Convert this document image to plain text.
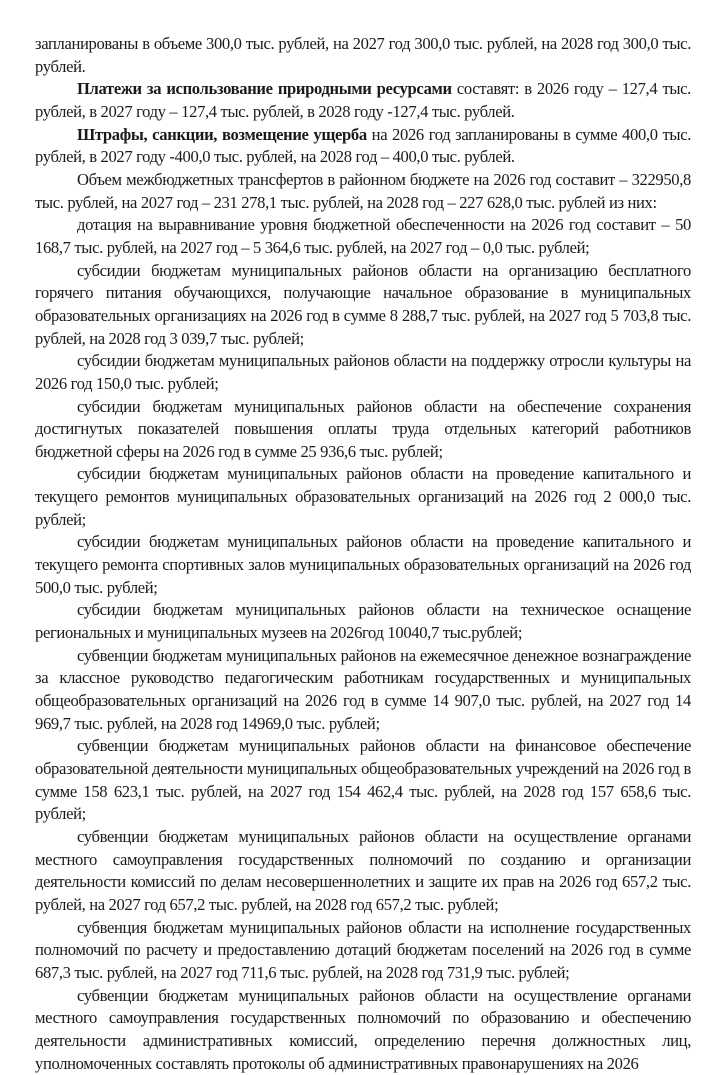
запланированы в объеме 300,0 тыс. рублей, на 2027 год 300,0 тыс. рублей, на 2028 год 300,0 тыс. рублей.

Платежи за использование природными ресурсами составят: в 2026 году – 127,4 тыс. рублей, в 2027 году – 127,4 тыс. рублей, в 2028 году -127,4 тыс. рублей.

Штрафы, санкции, возмещение ущерба на 2026 год запланированы в сумме 400,0 тыс. рублей, в 2027 году -400,0 тыс. рублей, на 2028 год – 400,0 тыс. рублей.

Объем межбюджетных трансфертов в районном бюджете на 2026 год составит – 322950,8 тыс. рублей, на 2027 год – 231 278,1 тыс. рублей, на 2028 год – 227 628,0 тыс. рублей из них:

дотация на выравнивание уровня бюджетной обеспеченности на 2026 год составит – 50 168,7 тыс. рублей, на 2027 год – 5 364,6 тыс. рублей, на 2027 год – 0,0 тыс. рублей;

субсидии бюджетам муниципальных районов области на организацию бесплатного горячего питания обучающихся, получающие начальное образование в муниципальных образовательных организациях на 2026 год в сумме 8 288,7 тыс. рублей, на 2027 год 5 703,8 тыс. рублей, на 2028 год 3 039,7 тыс. рублей;

субсидии бюджетам муниципальных районов области на поддержку отросли культуры на 2026 год 150,0 тыс. рублей;

субсидии бюджетам муниципальных районов области на обеспечение сохранения достигнутых показателей повышения оплаты труда отдельных категорий работников бюджетной сферы на 2026 год в сумме 25 936,6 тыс. рублей;

субсидии бюджетам муниципальных районов области на проведение капитального и текущего ремонтов муниципальных образовательных организаций на 2026 год 2 000,0 тыс. рублей;

субсидии бюджетам муниципальных районов области на проведение капитального и текущего ремонта спортивных залов муниципальных образовательных организаций на 2026 год 500,0 тыс. рублей;

субсидии бюджетам муниципальных районов области на техническое оснащение региональных и муниципальных музеев на 2026год 10040,7 тыс.рублей;

субвенции бюджетам муниципальных районов на ежемесячное денежное вознаграждение за классное руководство педагогическим работникам государственных и муниципальных общеобразовательных организаций на 2026 год в сумме 14 907,0 тыс. рублей, на 2027 год 14 969,7 тыс. рублей, на 2028 год 14969,0 тыс. рублей;

субвенции бюджетам муниципальных районов области на финансовое обеспечение образовательной деятельности муниципальных общеобразовательных учреждений на 2026 год в сумме 158 623,1 тыс. рублей, на 2027 год 154 462,4 тыс. рублей, на 2028 год 157 658,6 тыс. рублей;

субвенции бюджетам муниципальных районов области на осуществление органами местного самоуправления государственных полномочий по созданию и организации деятельности комиссий по делам несовершеннолетних и защите их прав на 2026 год 657,2 тыс. рублей, на 2027 год 657,2 тыс. рублей, на 2028 год 657,2 тыс. рублей;

субвенция бюджетам муниципальных районов области на исполнение государственных полномочий по расчету и предоставлению дотаций бюджетам поселений на 2026 год в сумме 687,3 тыс. рублей, на 2027 год 711,6 тыс. рублей, на 2028 год 731,9 тыс. рублей;

субвенции бюджетам муниципальных районов области на осуществление органами местного самоуправления государственных полномочий по образованию и обеспечению деятельности административных комиссий, определению перечня должностных лиц, уполномоченных составлять протоколы об административных правонарушениях на 2026
